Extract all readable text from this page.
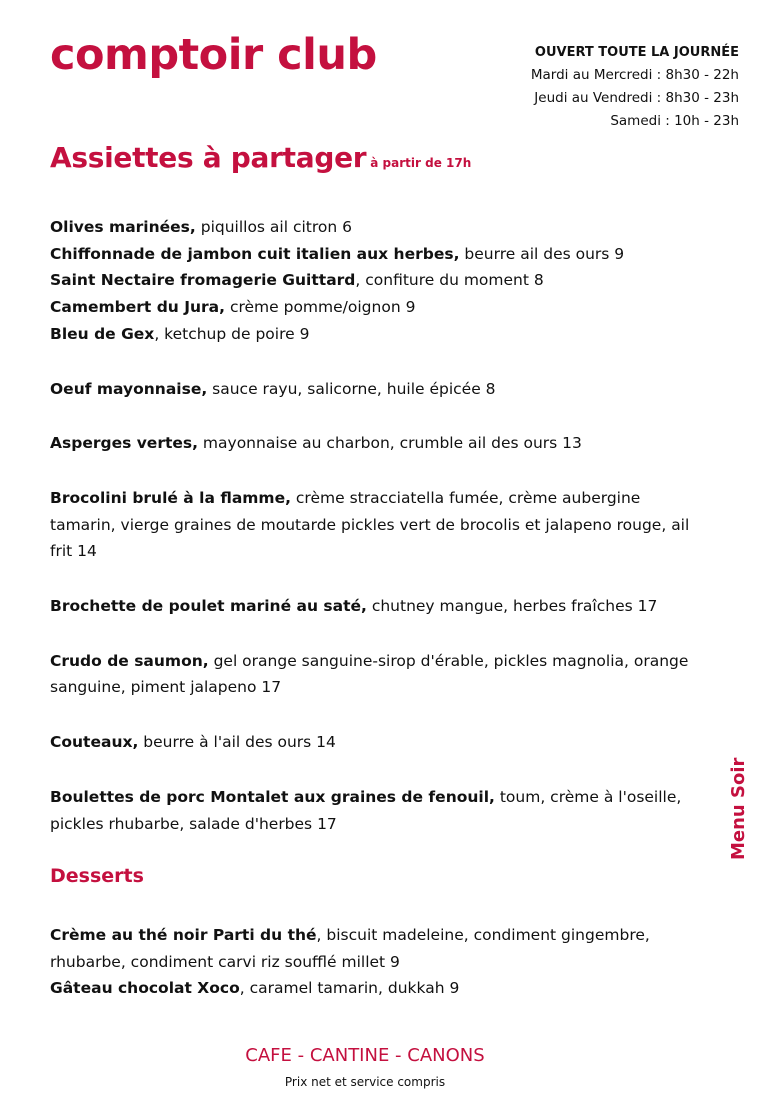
comptoir club	OUVERT TOUTE LA JOURNÉE
Mardi au Mercredi : 8h30 - 22h
Jeudi au Vendredi : 8h30 - 23h
Samedi : 10h - 23h
Assiettes à partager à partir de 17h
Olives marinées, piquillos ail citron 6
Chiffonnade de jambon cuit italien aux herbes, beurre ail des ours 9
Saint Nectaire fromagerie Guittard, confiture du moment 8
Camembert du Jura, crème pomme/oignon 9
Bleu de Gex, ketchup de poire 9
Oeuf mayonnaise, sauce rayu, salicorne, huile épicée 8
Asperges vertes, mayonnaise au charbon, crumble ail des ours 13
Brocolini brulé à la flamme, crème stracciatella fumée, crème aubergine tamarin, vierge graines de moutarde pickles vert de brocolis et jalapeno rouge, ail frit 14
Brochette de poulet mariné au saté, chutney mangue, herbes fraîches 17
Crudo de saumon, gel orange sanguine-sirop d'érable, pickles magnolia, orange sanguine, piment jalapeno 17
Couteaux, beurre à l'ail des ours 14
Boulettes de porc Montalet aux graines de fenouil, toum, crème à l'oseille, pickles rhubarbe, salade d'herbes 17
Desserts
Crème au thé noir Parti du thé, biscuit madeleine, condiment gingembre, rhubarbe, condiment carvi riz soufflé millet 9
Gâteau chocolat Xoco, caramel tamarin, dukkah 9
Menu Soir
CAFE - CANTINE - CANONS
Prix net et service compris
